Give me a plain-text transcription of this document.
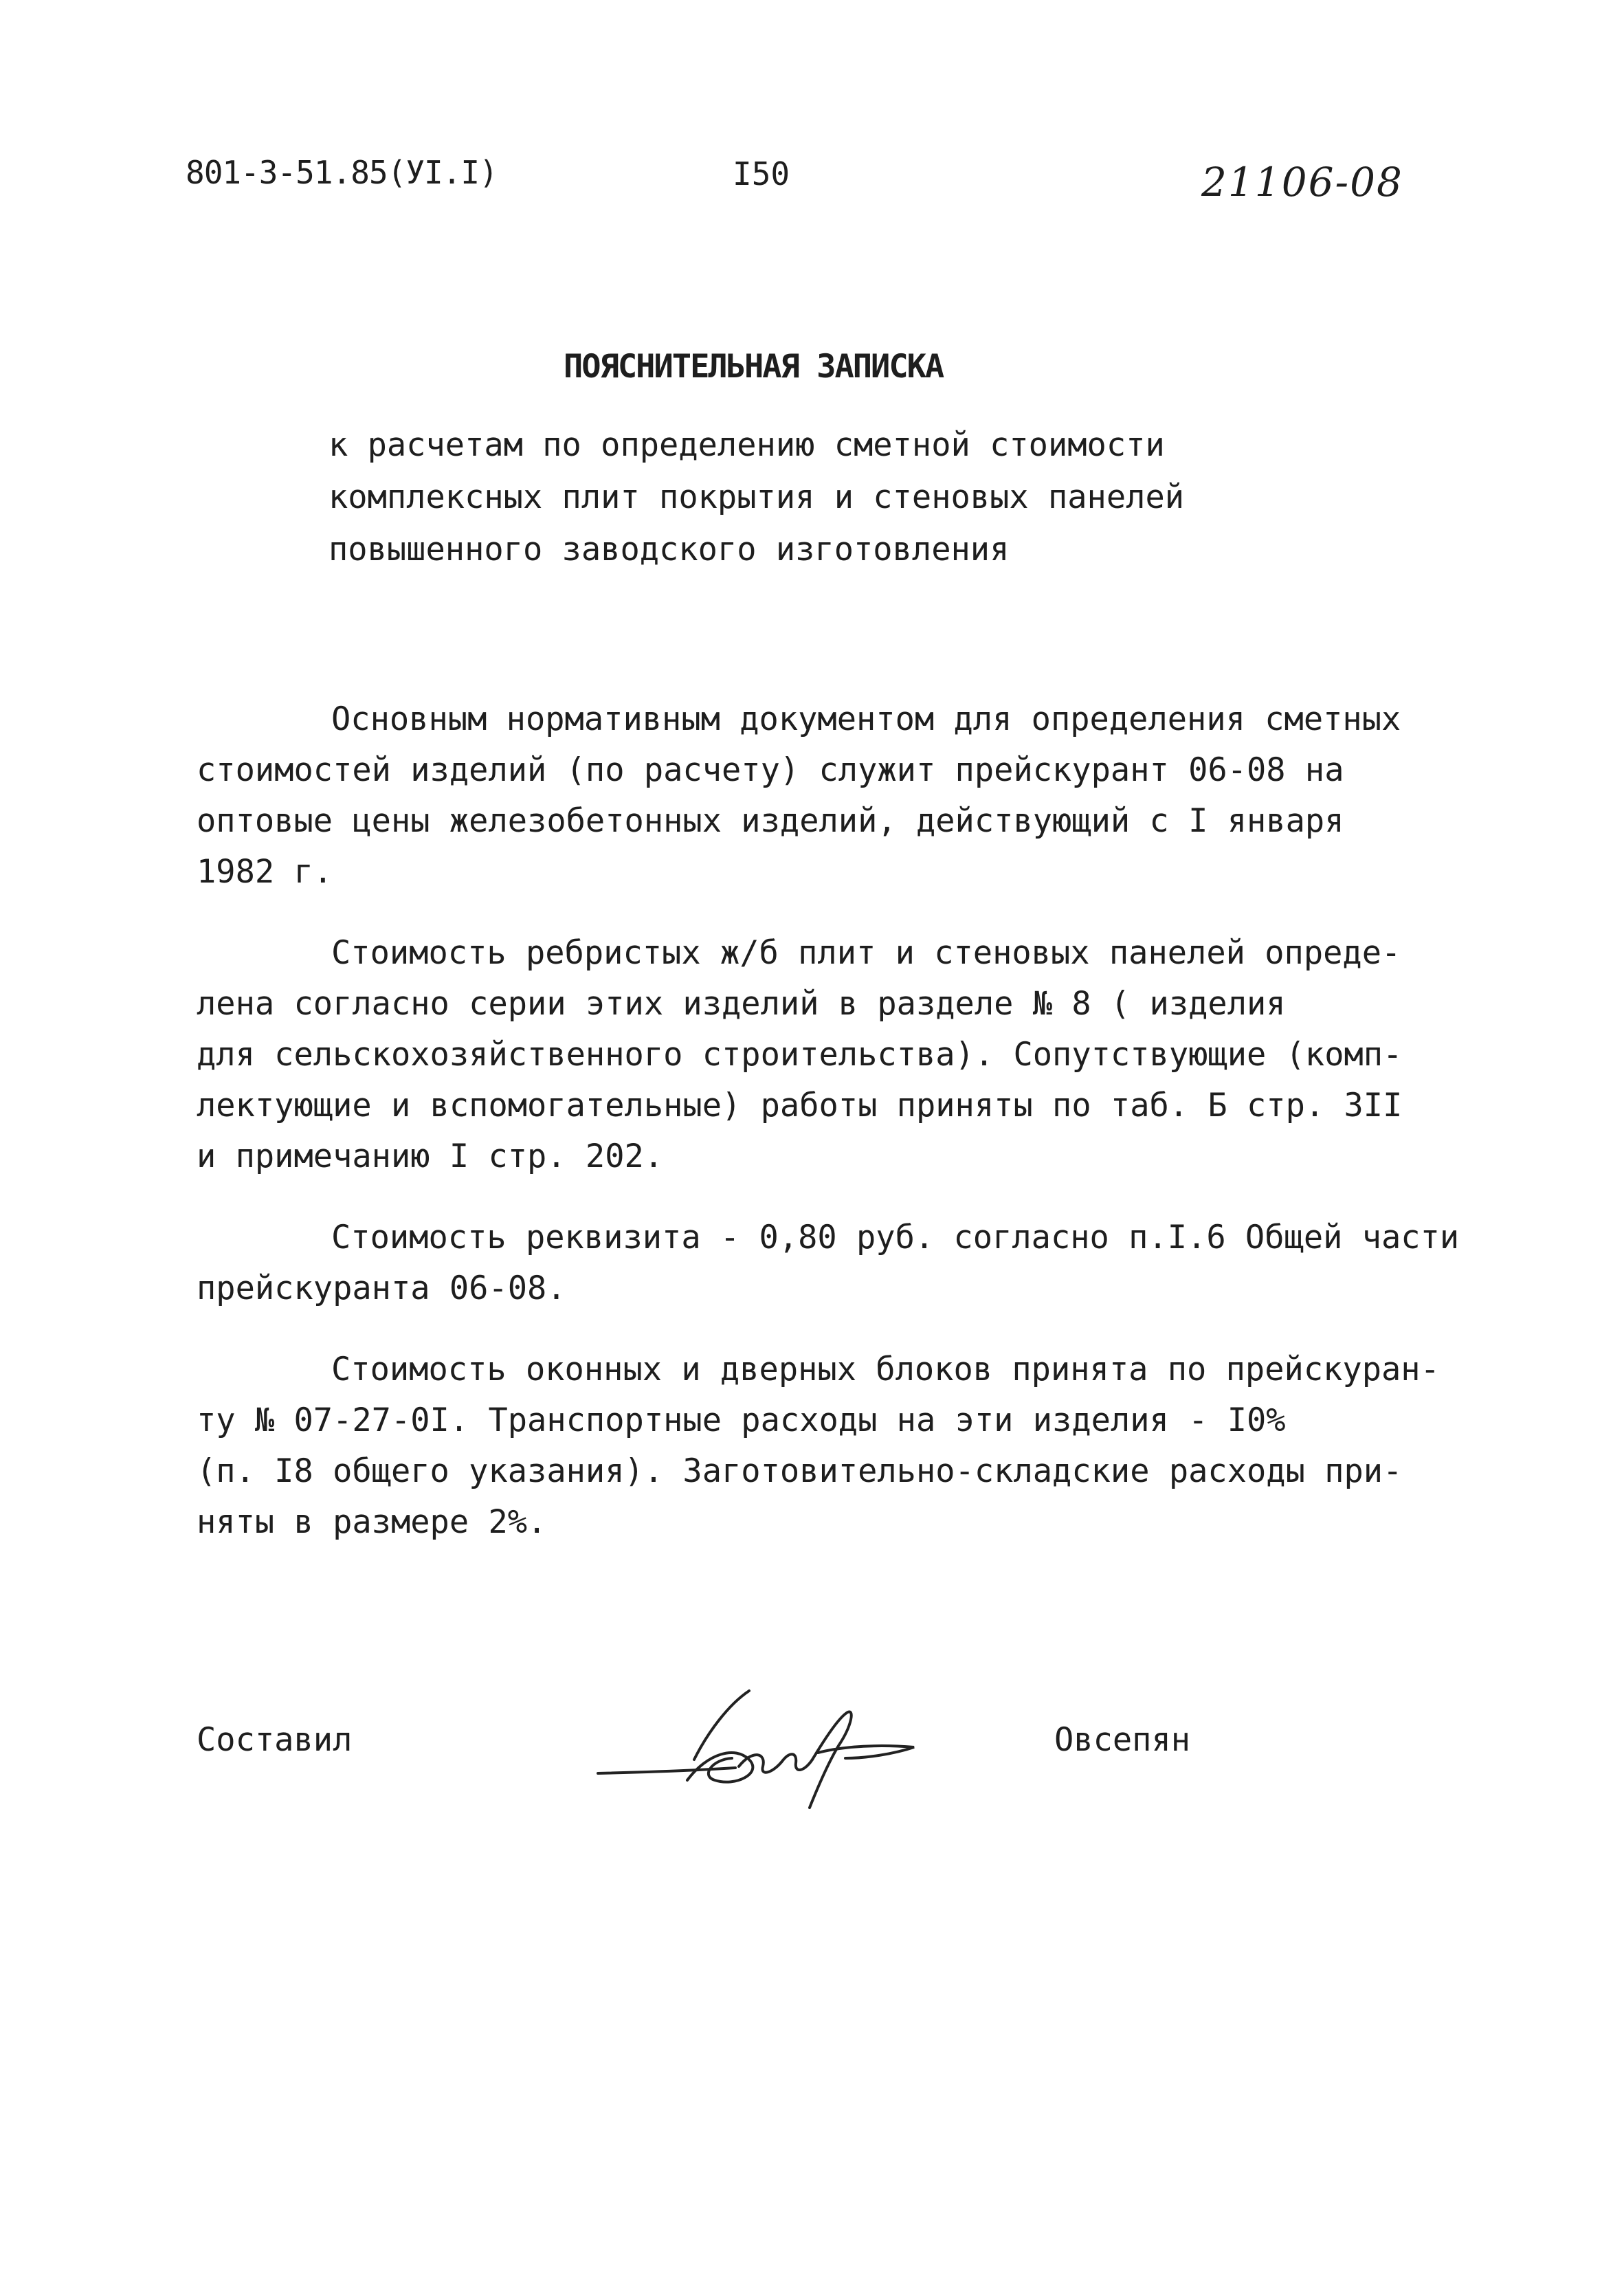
801-3-51.85(УI.I)	I50	21106-08
ПОЯСНИТЕЛЬНАЯ ЗАПИСКА
к расчетам по определению сметной стоимости
комплексных плит покрытия и стеновых панелей
повышенного заводского изготовления
Основным нормативным документом для определения сметных
стоимостей изделий (по расчету) служит прейскурант 06-08 на
оптовые цены железобетонных изделий, действующий с I января
1982 г.
Стоимость ребристых ж/б плит и стеновых панелей опреде-
лена согласно серии этих изделий в разделе № 8 ( изделия
для сельскохозяйственного строительства). Сопутствующие (комп-
лектующие и вспомогательные) работы приняты по таб. Б стр. 3II
и примечанию I стр. 202.
Стоимость реквизита - 0,80 руб. согласно п.I.6 Общей части
прейскуранта 06-08.
Стоимость оконных и дверных блоков принята по прейскуран-
ту № 07-27-0I. Транспортные расходы на эти изделия - I0%
(п. I8 общего указания). Заготовительно-складские расходы при-
няты в размере 2%.
Составил	Овсепян
